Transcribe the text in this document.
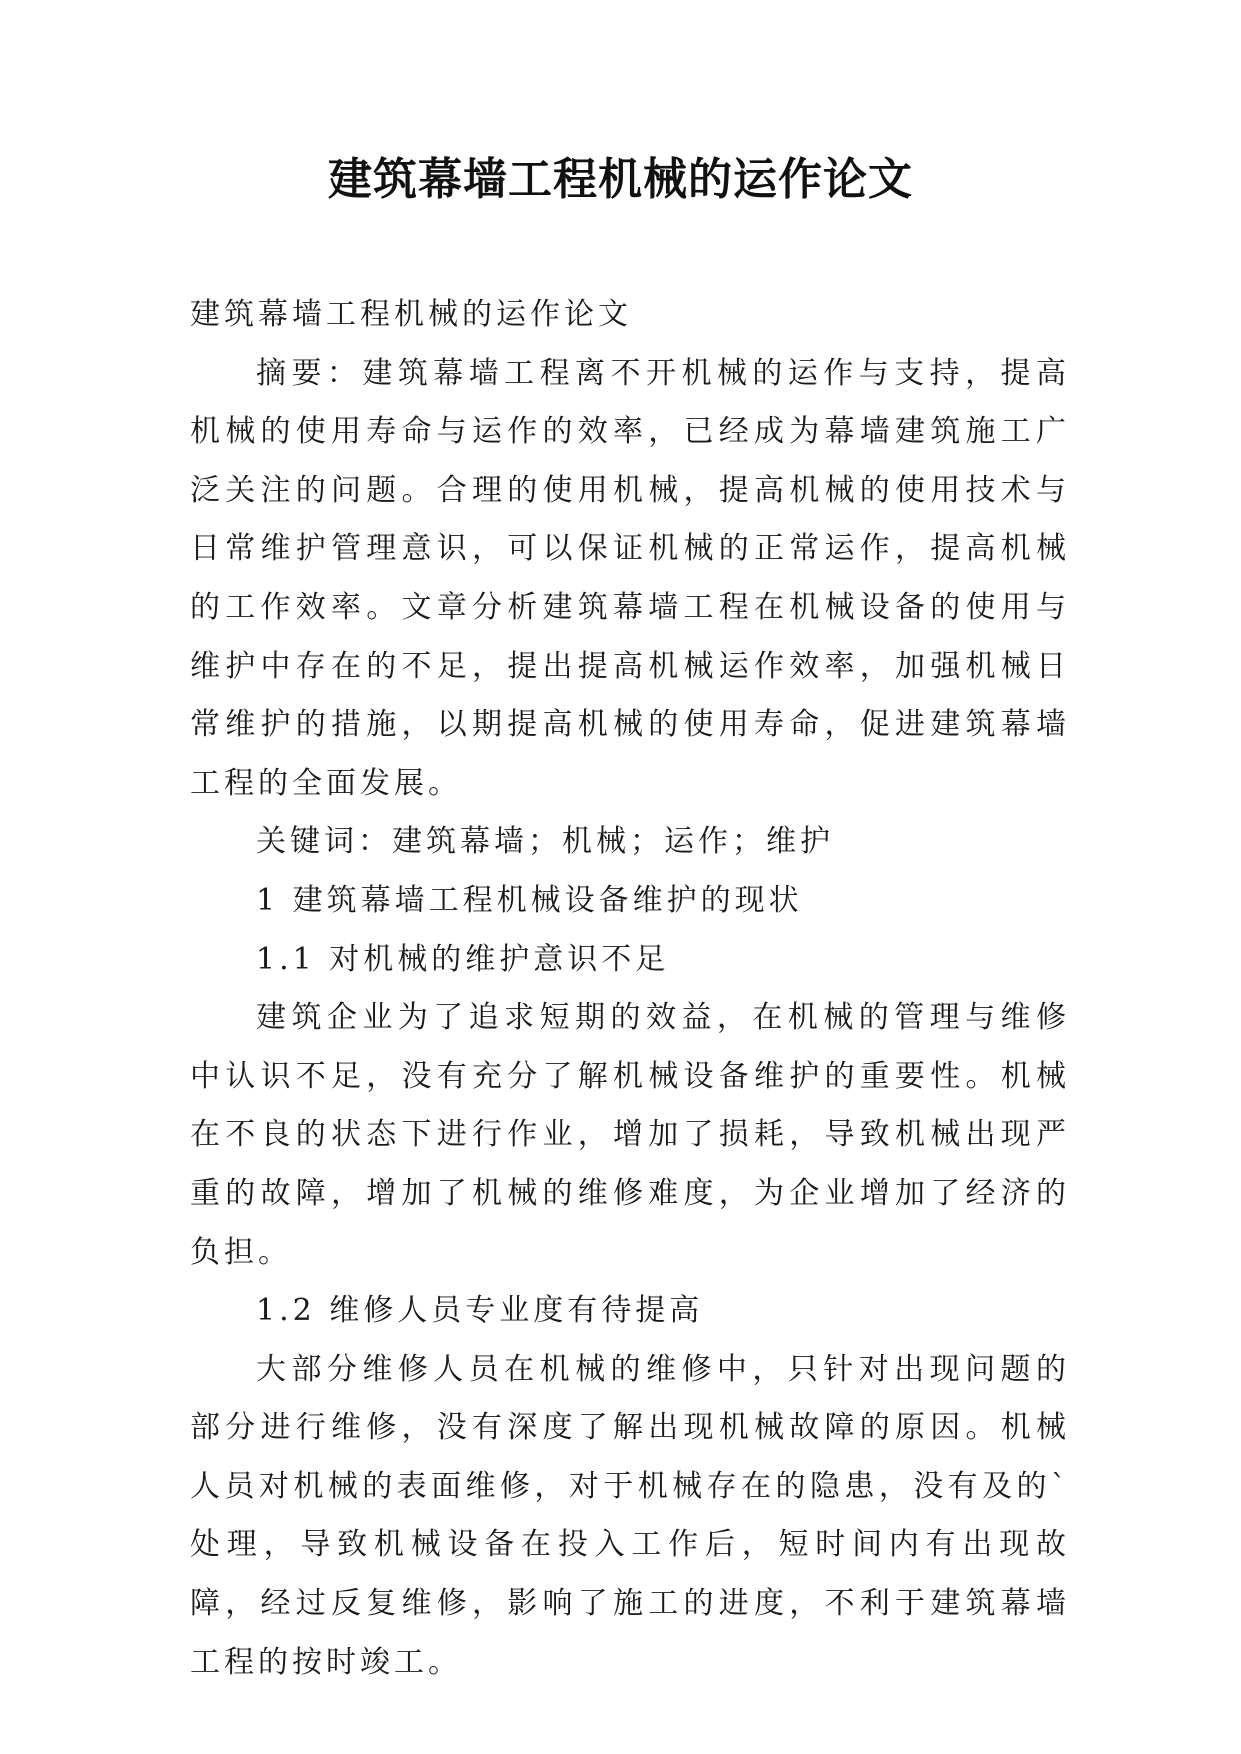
建筑幕墙工程机械的运作论文

建筑幕墙工程机械的运作论文

摘要：建筑幕墙工程离不开机械的运作与支持，提高机械的使用寿命与运作的效率，已经成为幕墙建筑施工广泛关注的问题。合理的使用机械，提高机械的使用技术与日常维护管理意识，可以保证机械的正常运作，提高机械的工作效率。文章分析建筑幕墙工程在机械设备的使用与维护中存在的不足，提出提高机械运作效率，加强机械日常维护的措施，以期提高机械的使用寿命，促进建筑幕墙工程的全面发展。

关键词：建筑幕墙；机械；运作；维护

1 建筑幕墙工程机械设备维护的现状

1.1 对机械的维护意识不足

建筑企业为了追求短期的效益，在机械的管理与维修中认识不足，没有充分了解机械设备维护的重要性。机械在不良的状态下进行作业，增加了损耗，导致机械出现严重的故障，增加了机械的维修难度，为企业增加了经济的负担。

1.2 维修人员专业度有待提高

大部分维修人员在机械的维修中，只针对出现问题的部分进行维修，没有深度了解出现机械故障的原因。机械人员对机械的表面维修，对于机械存在的隐患，没有及的`处理，导致机械设备在投入工作后，短时间内有出现故障，经过反复维修，影响了施工的进度，不利于建筑幕墙工程的按时竣工。
